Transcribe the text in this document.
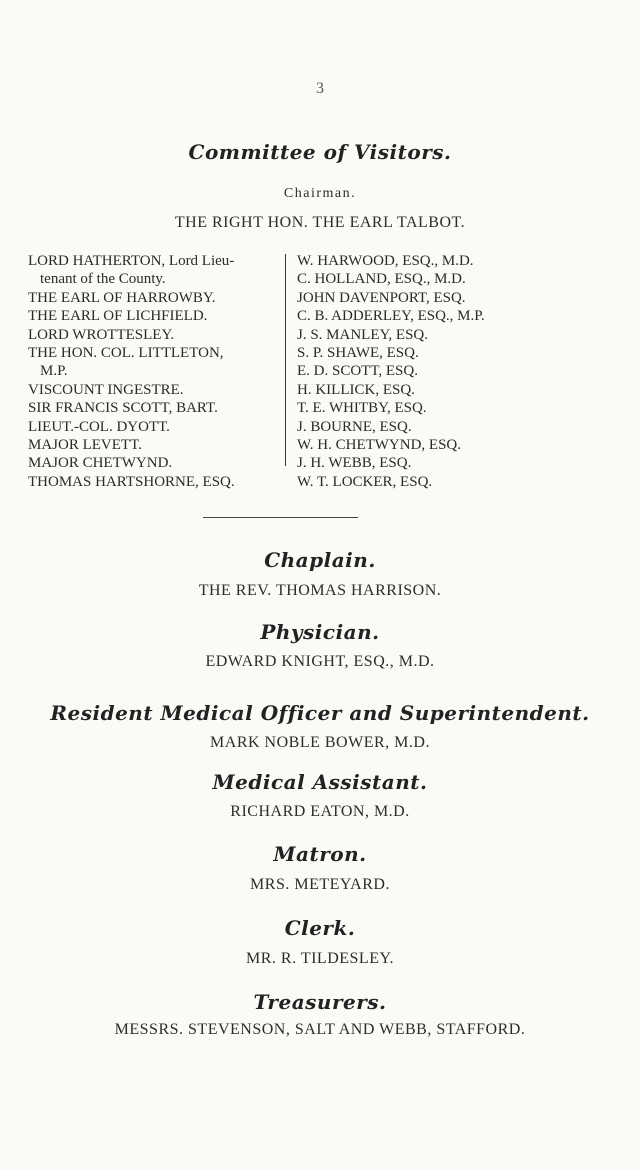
3
Committee of Visitors.
Chairman.
THE RIGHT HON. THE EARL TALBOT.
LORD HATHERTON, Lord Lieu-
tenant of the County.
THE EARL OF HARROWBY.
THE EARL OF LICHFIELD.
LORD WROTTESLEY.
THE HON. COL. LITTLETON,
M.P.
VISCOUNT INGESTRE.
SIR FRANCIS SCOTT, BART.
LIEUT.-COL. DYOTT.
MAJOR LEVETT.
MAJOR CHETWYND.
THOMAS HARTSHORNE, ESQ.
W. HARWOOD, ESQ., M.D.
C. HOLLAND, ESQ., M.D.
JOHN DAVENPORT, ESQ.
C. B. ADDERLEY, ESQ., M.P.
J. S. MANLEY, ESQ.
S. P. SHAWE, ESQ.
E. D. SCOTT, ESQ.
H. KILLICK, ESQ.
T. E. WHITBY, ESQ.
J. BOURNE, ESQ.
W. H. CHETWYND, ESQ.
J. H. WEBB, ESQ.
W. T. LOCKER, ESQ.
Chaplain.
THE REV. THOMAS HARRISON.
Physician.
EDWARD KNIGHT, ESQ., M.D.
Resident Medical Officer and Superintendent.
MARK NOBLE BOWER, M.D.
Medical Assistant.
RICHARD EATON, M.D.
Matron.
MRS. METEYARD.
Clerk.
MR. R. TILDESLEY.
Treasurers.
MESSRS. STEVENSON, SALT AND WEBB, STAFFORD.
